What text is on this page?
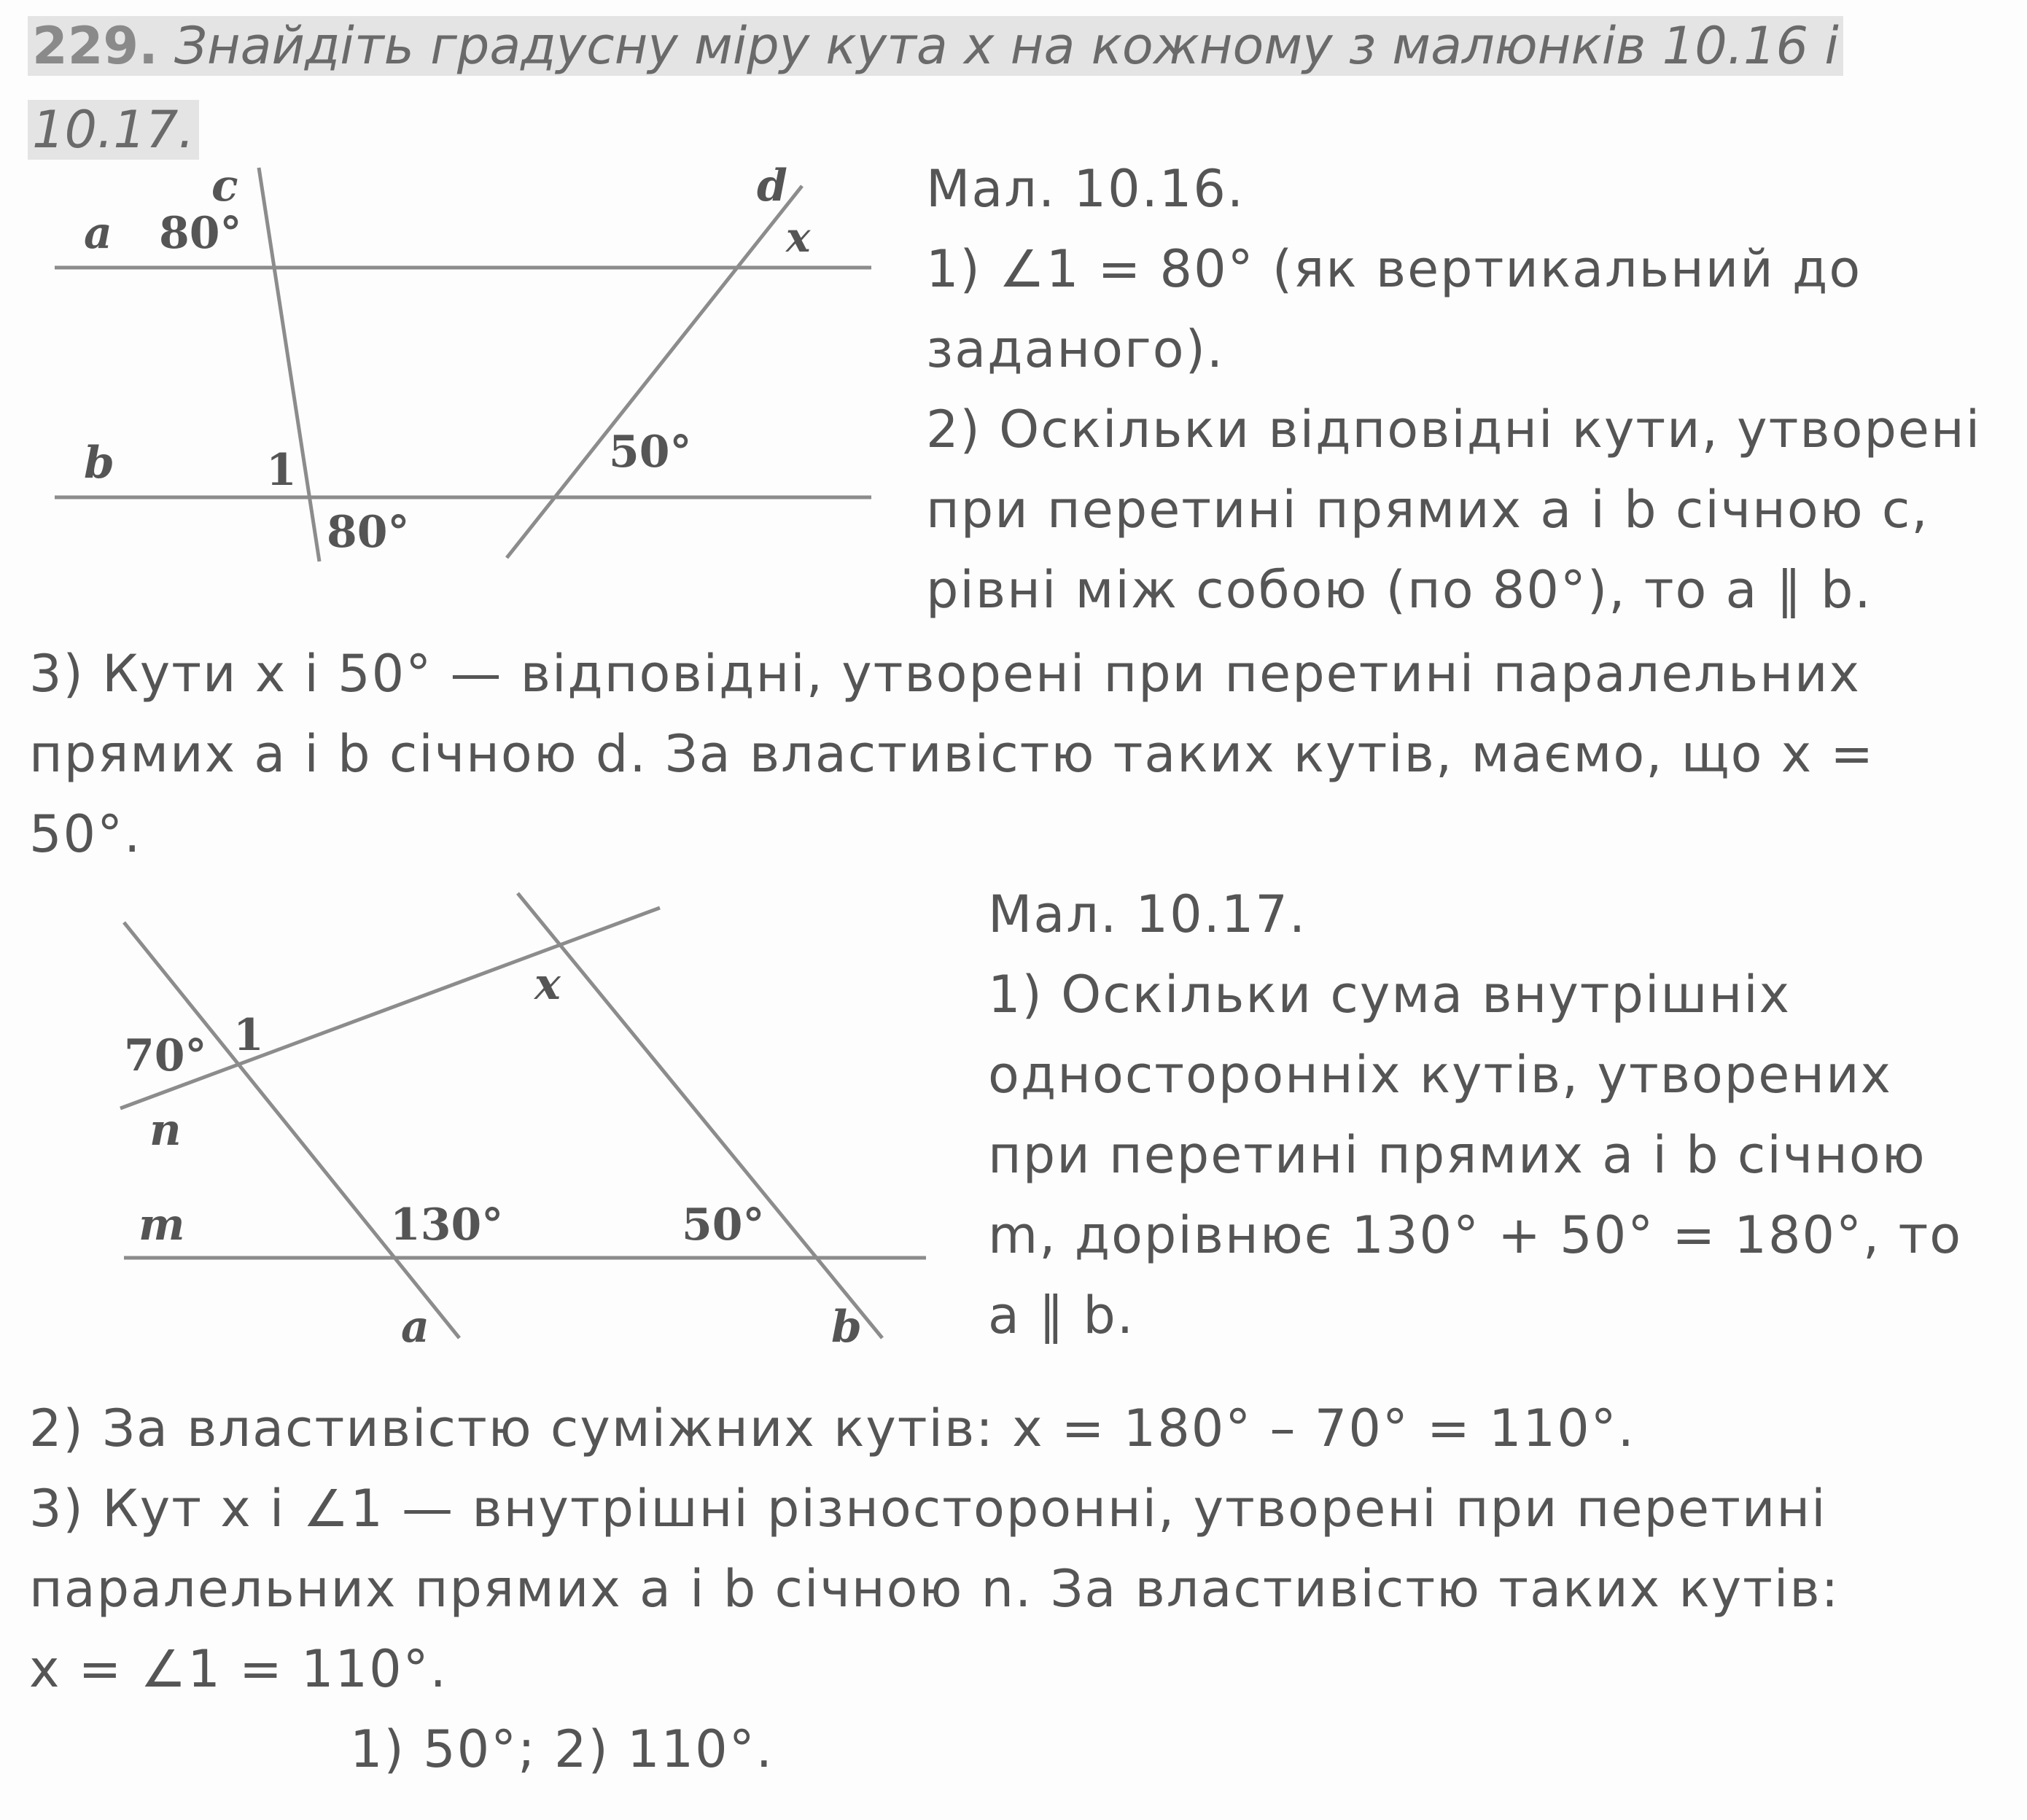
229. Знайдіть градусну міру кута x на кожному з малюнків 10.16 і 10.17.
c	d
a 80°	x
b	1	50°
80°
Мал. 10.16.
1) ∠1 = 80° (як вертикальний до
заданого).
2) Оскільки відповідні кути, утворені
при перетині прямих a і b січною c,
рівні між собою (по 80°), то a ∥ b.
3) Кути x і 50° — відповідні, утворені при перетині паралельних
прямих a і b січною d. За властивістю таких кутів, маємо, що x =
50°.
x
1
70°
n
m	130°	50°
a	b
Мал. 10.17.
1) Оскільки сума внутрішніх
односторонніх кутів, утворених
при перетині прямих a і b січною
m, дорівнює 130° + 50° = 180°, то
a ∥ b.
2) За властивістю суміжних кутів: x = 180° – 70° = 110°.
3) Кут x і ∠1 — внутрішні різносторонні, утворені при перетині
паралельних прямих a і b січною n. За властивістю таких кутів:
x = ∠1 = 110°.
1) 50°; 2) 110°.
